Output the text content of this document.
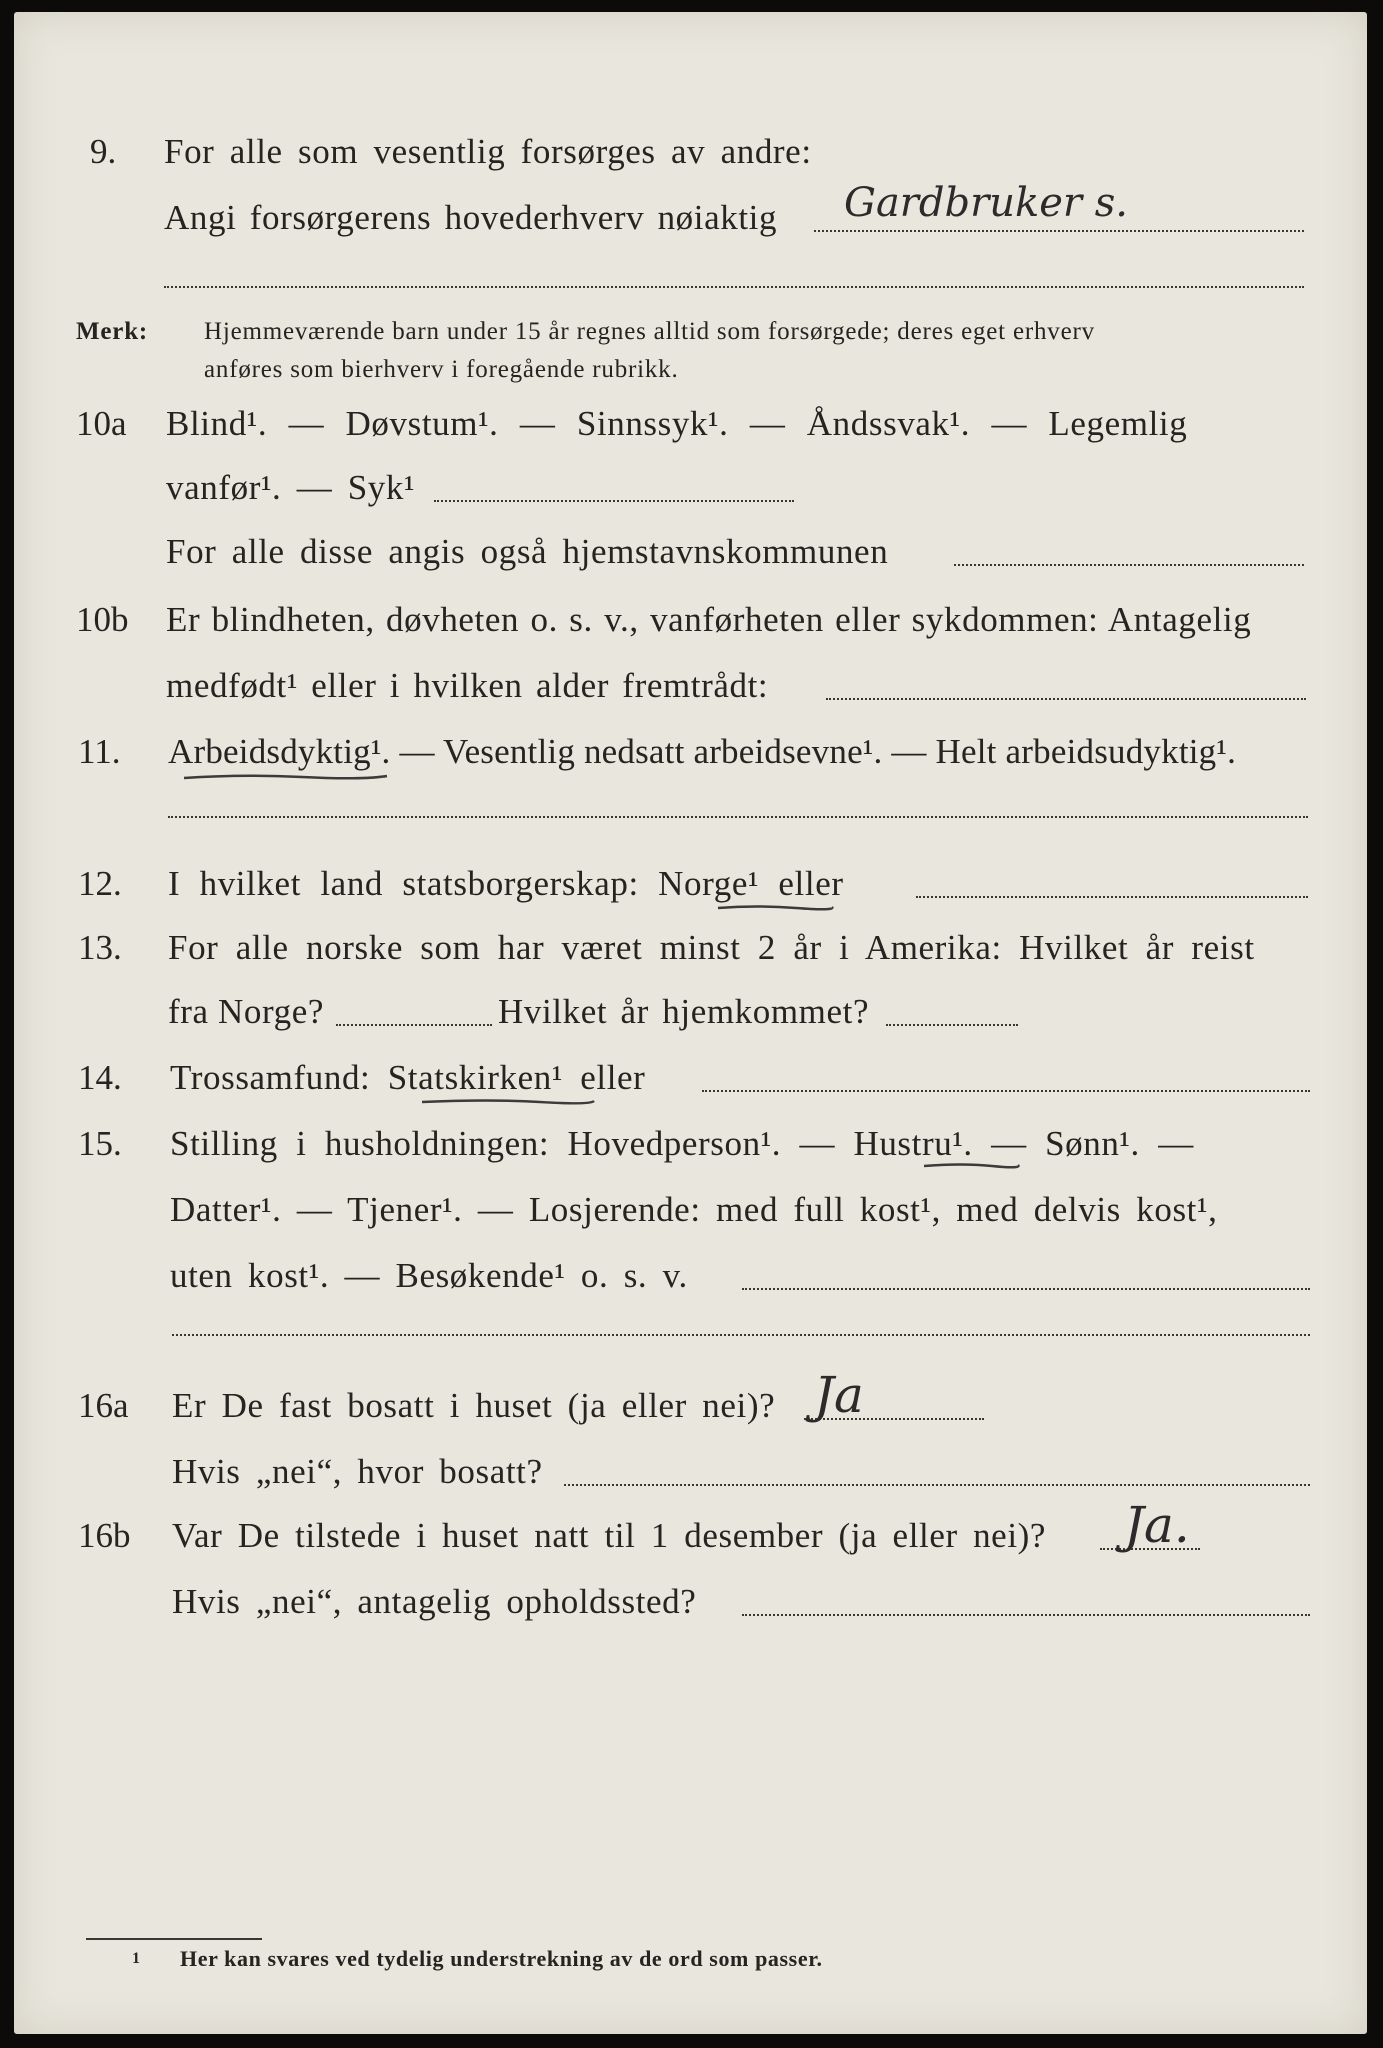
9. For alle som vesentlig forsørges av andre:
Angi forsørgerens hovederhverv nøiaktig Gardbruker s.
Merk: Hjemmeværende barn under 15 år regnes alltid som forsørgede; deres eget erhverv
anføres som bierhverv i foregående rubrikk.
10a Blind¹. — Døvstum¹. — Sinnssyk¹. — Åndssvak¹. — Legemlig
vanfør¹. — Syk¹
For alle disse angis også hjemstavnskommunen
10b Er blindheten, døvheten o. s. v., vanførheten eller sykdommen: Antagelig
medfødt¹ eller i hvilken alder fremtrådt:
11. Arbeidsdyktig¹. — Vesentlig nedsatt arbeidsevne¹. — Helt arbeidsudyktig¹.
12. I hvilket land statsborgerskap: Norge¹ eller
13. For alle norske som har været minst 2 år i Amerika: Hvilket år reist
fra Norge?	Hvilket år hjemkommet?
14. Trossamfund: Statskirken¹ eller
15. Stilling i husholdningen: Hovedperson¹. — Hustru¹. — Sønn¹. —
Datter¹. — Tjener¹. — Losjerende: med full kost¹, med delvis kost¹,
uten kost¹. — Besøkende¹ o. s. v.
16a Er De fast bosatt i huset (ja eller nei)? Ja
Hvis „nei“, hvor bosatt?
16b Var De tilstede i huset natt til 1 desember (ja eller nei)? Ja.
Hvis „nei“, antagelig opholdssted?
1 Her kan svares ved tydelig understrekning av de ord som passer.
